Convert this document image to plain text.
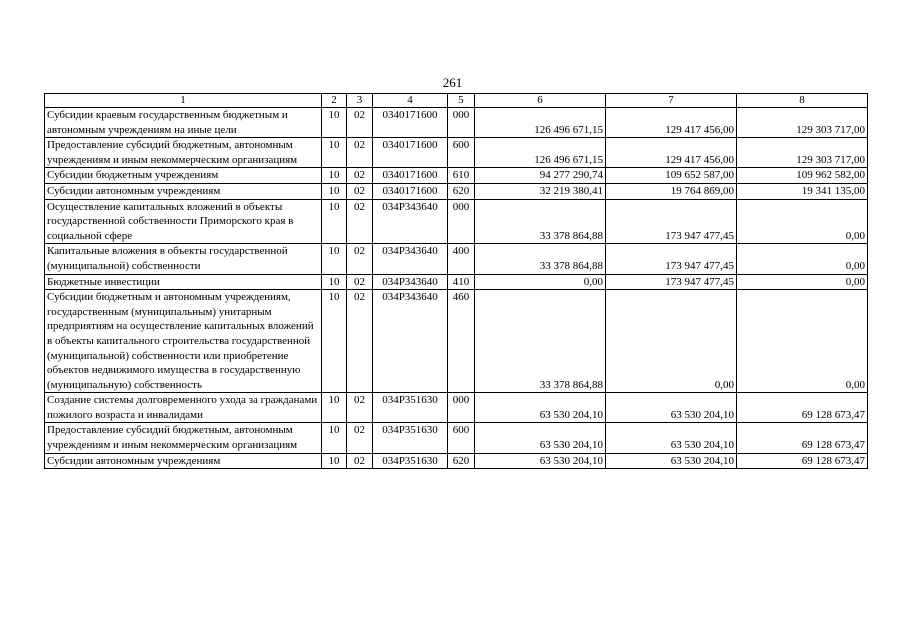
261
1	2	3	4	5	6	7	8
Субсидии краевым государственным бюджетным и автономным учреждениям на иные цели	10	02	0340171600	000	126 496 671,15	129 417 456,00	129 303 717,00
Предоставление субсидий бюджетным, автономным учреждениям и иным некоммерческим организациям	10	02	0340171600	600	126 496 671,15	129 417 456,00	129 303 717,00
Субсидии бюджетным учреждениям	10	02	0340171600	610	94 277 290,74	109 652 587,00	109 962 582,00
Субсидии автономным учреждениям	10	02	0340171600	620	32 219 380,41	19 764 869,00	19 341 135,00
Осуществление капитальных вложений в объекты государственной собственности Приморского края в социальной сфере	10	02	034P343640	000	33 378 864,88	173 947 477,45	0,00
Капитальные вложения в объекты государственной (муниципальной) собственности	10	02	034P343640	400	33 378 864,88	173 947 477,45	0,00
Бюджетные инвестиции	10	02	034P343640	410	0,00	173 947 477,45	0,00
Субсидии бюджетным и автономным учреждениям, государственным (муниципальным) унитарным предприятиям на осуществление капитальных вложений в объекты капитального строительства государственной (муниципальной) собственности или приобретение объектов недвижимого имущества в государственную (муниципальную) собственность	10	02	034P343640	460	33 378 864,88	0,00	0,00
Создание системы долговременного ухода за гражданами пожилого возраста и инвалидами	10	02	034P351630	000	63 530 204,10	63 530 204,10	69 128 673,47
Предоставление субсидий бюджетным, автономным учреждениям и иным некоммерческим организациям	10	02	034P351630	600	63 530 204,10	63 530 204,10	69 128 673,47
Субсидии автономным учреждениям	10	02	034P351630	620	63 530 204,10	63 530 204,10	69 128 673,47
